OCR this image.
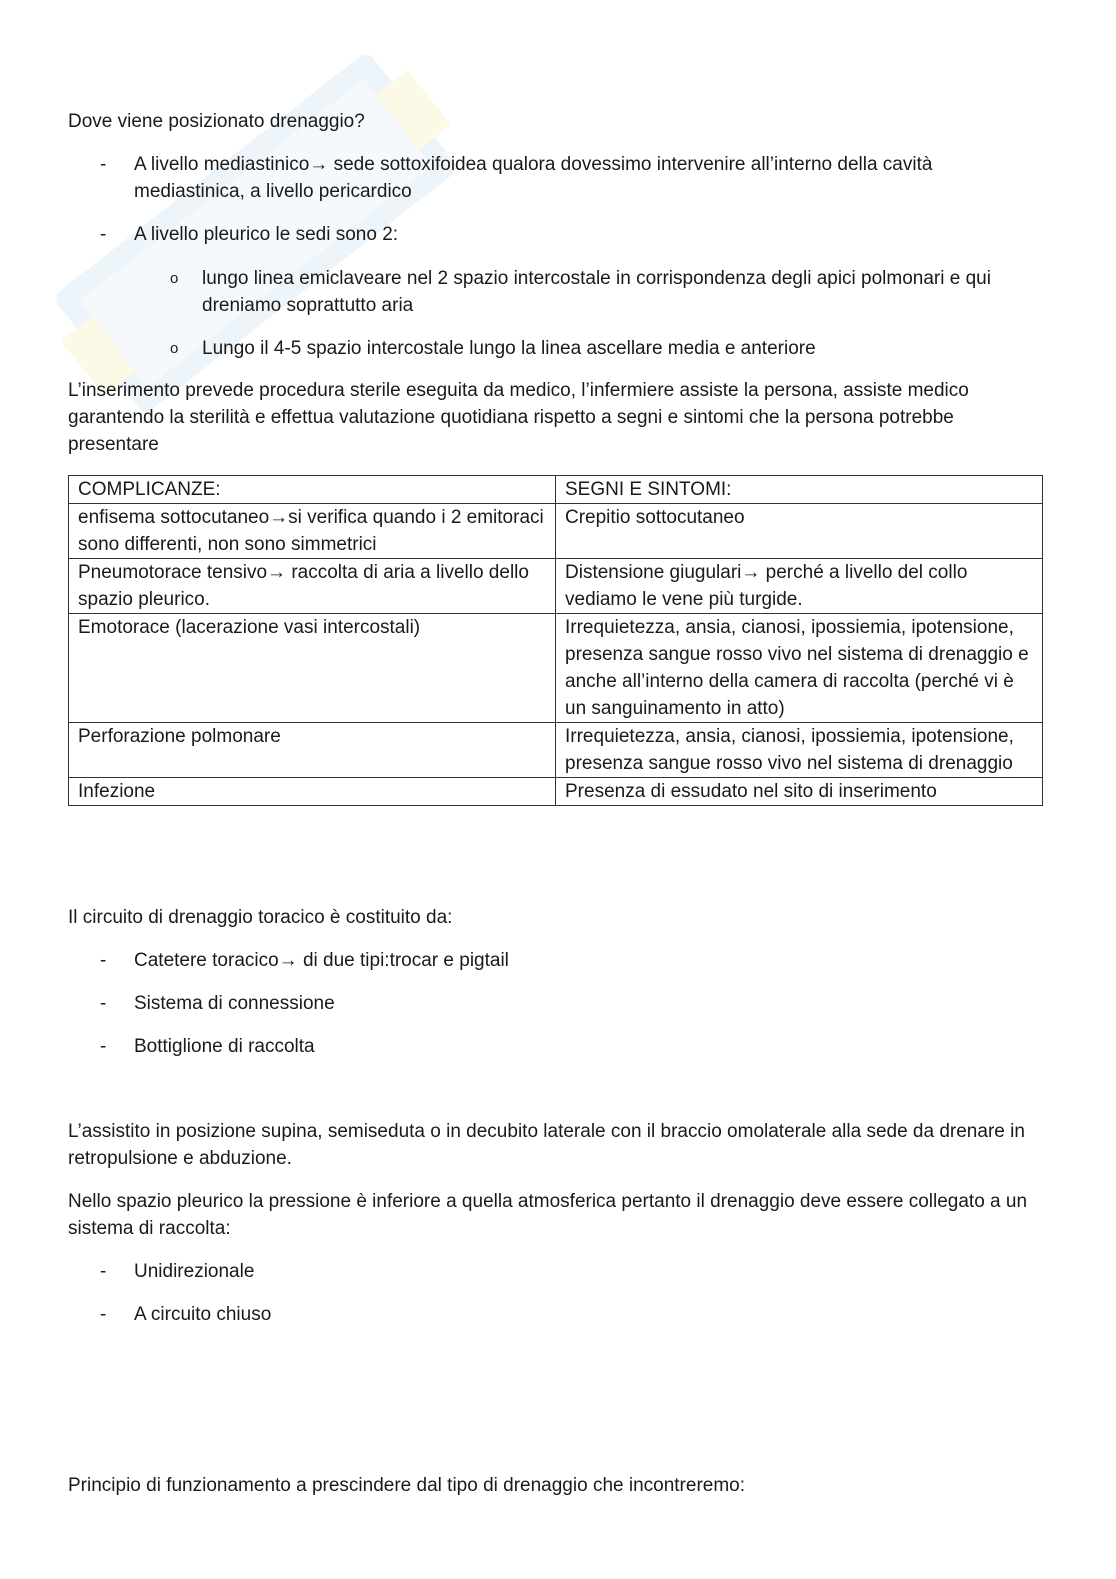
Dove viene posizionato drenaggio?

- A livello mediastinico→ sede sottoxifoidea qualora dovessimo intervenire all’interno della cavità mediastinica, a livello pericardico
- A livello pleurico le sedi sono 2:
o lungo linea emiclaveare nel 2 spazio intercostale in corrispondenza degli apici polmonari e qui dreniamo soprattutto aria
o Lungo il 4-5 spazio intercostale lungo la linea ascellare media e anteriore

L’inserimento prevede procedura sterile eseguita da medico, l’infermiere assiste la persona, assiste medico garantendo la sterilità e effettua valutazione quotidiana rispetto a segni e sintomi che la persona potrebbe presentare

COMPLICANZE:	SEGNI E SINTOMI:
enfisema sottocutaneo→si verifica quando i 2 emitoraci sono differenti, non sono simmetrici	Crepitio sottocutaneo
Pneumotorace tensivo→ raccolta di aria a livello dello spazio pleurico.	Distensione giugulari→ perché a livello del collo vediamo le vene più turgide.
Emotorace (lacerazione vasi intercostali)	Irrequietezza, ansia, cianosi, ipossiemia, ipotensione, presenza sangue rosso vivo nel sistema di drenaggio e anche all’interno della camera di raccolta (perché vi è un sanguinamento in atto)
Perforazione polmonare	Irrequietezza, ansia, cianosi, ipossiemia, ipotensione, presenza sangue rosso vivo nel sistema di drenaggio
Infezione	Presenza di essudato nel sito di inserimento

Il circuito di drenaggio toracico è costituito da:

- Catetere toracico→ di due tipi:trocar e pigtail
- Sistema di connessione
- Bottiglione di raccolta

L’assistito in posizione supina, semiseduta o in decubito laterale con il braccio omolaterale alla sede da drenare in retropulsione e abduzione.

Nello spazio pleurico la pressione è inferiore a quella atmosferica pertanto il drenaggio deve essere collegato a un sistema di raccolta:

- Unidirezionale
- A circuito chiuso

Principio di funzionamento a prescindere dal tipo di drenaggio che incontreremo:
